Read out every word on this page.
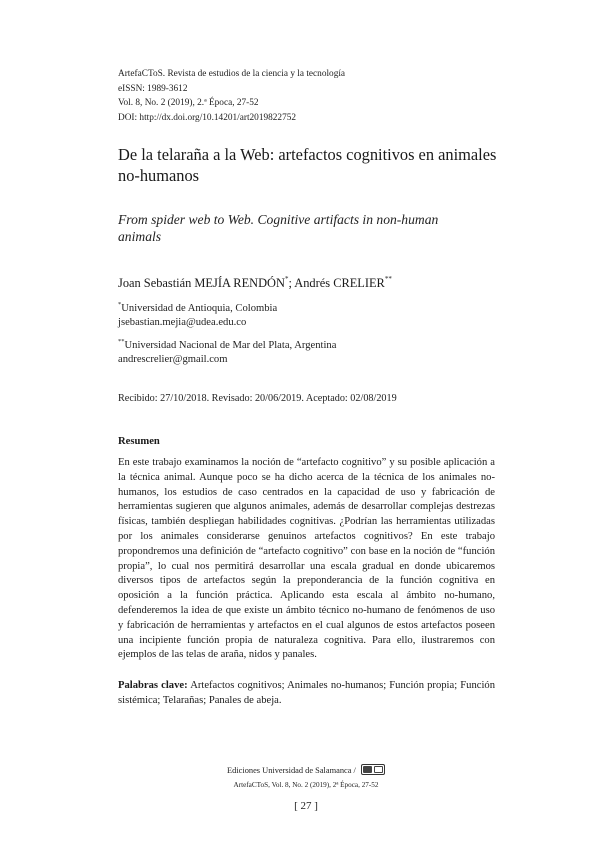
ArtefaCToS. Revista de estudios de la ciencia y la tecnología
eISSN: 1989-3612
Vol. 8, No. 2 (2019), 2.ª Época, 27-52
DOI: http://dx.doi.org/10.14201/art2019822752
De la telaraña a la Web: artefactos cognitivos en animales no-humanos
From spider web to Web. Cognitive artifacts in non-human animals
Joan Sebastián MEJÍA RENDÓN*; Andrés CRELIER**
*Universidad de Antioquia, Colombia
jsebastian.mejia@udea.edu.co
**Universidad Nacional de Mar del Plata, Argentina
andrescrelier@gmail.com
Recibido: 27/10/2018. Revisado: 20/06/2019. Aceptado: 02/08/2019
Resumen
En este trabajo examinamos la noción de “artefacto cognitivo” y su posible aplicación a la técnica animal. Aunque poco se ha dicho acerca de la técnica de los animales no-humanos, los estudios de caso centrados en la capacidad de uso y fabricación de herramientas sugieren que algunos animales, además de desarrollar complejas destrezas físicas, también despliegan habilidades cognitivas. ¿Podrían las herramientas utilizadas por los animales considerarse genuinos artefactos cognitivos? En este trabajo propondremos una definición de “artefacto cognitivo” con base en la noción de “función propia”, lo cual nos permitirá desarrollar una escala gradual en donde ubicaremos diversos tipos de artefactos según la preponderancia de la función cognitiva en oposición a la función práctica. Aplicando esta escala al ámbito no-humano, defenderemos la idea de que existe un ámbito técnico no-humano de fenómenos de uso y fabricación de herramientas y artefactos en el cual algunos de estos artefactos poseen una incipiente función propia de naturaleza cognitiva. Para ello, ilustraremos con ejemplos de las telas de araña, nidos y panales.
Palabras clave: Artefactos cognitivos; Animales no-humanos; Función propia; Función sistémica; Telarañas; Panales de abeja.
Ediciones Universidad de Salamanca /
ArtefaCToS, Vol. 8, No. 2 (2019), 2ª Época, 27-52
[ 27 ]
